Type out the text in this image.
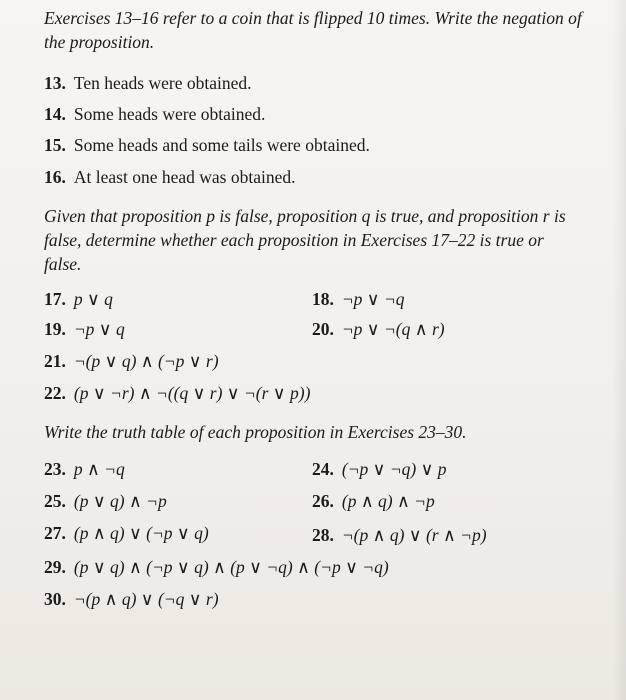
Exercises 13–16 refer to a coin that is flipped 10 times. Write the negation of the proposition.

13. Ten heads were obtained.
14. Some heads were obtained.
15. Some heads and some tails were obtained.
16. At least one head was obtained.

Given that proposition p is false, proposition q is true, and proposition r is false, determine whether each proposition in Exercises 17–22 is true or false.

17. p ∨ q	18. ¬p ∨ ¬q
19. ¬p ∨ q	20. ¬p ∨ ¬(q ∧ r)
21. ¬(p ∨ q) ∧ (¬p ∨ r)
22. (p ∨ ¬r) ∧ ¬((q ∨ r) ∨ ¬(r ∨ p))

Write the truth table of each proposition in Exercises 23–30.

23. p ∧ ¬q	24. (¬p ∨ ¬q) ∨ p
25. (p ∨ q) ∧ ¬p	26. (p ∧ q) ∧ ¬p
27. (p ∧ q) ∨ (¬p ∨ q)	28. ¬(p ∧ q) ∨ (r ∧ ¬p)
29. (p ∨ q) ∧ (¬p ∨ q) ∧ (p ∨ ¬q) ∧ (¬p ∨ ¬q)
30. ¬(p ∧ q) ∨ (¬q ∨ r)
